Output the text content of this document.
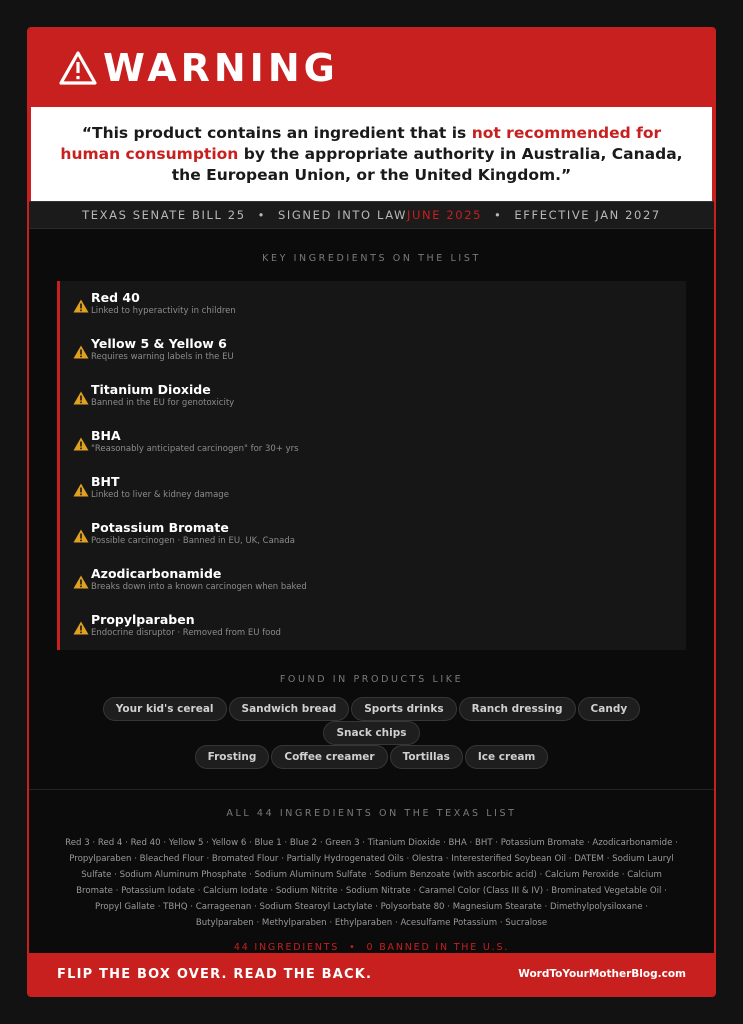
WARNING

“This product contains an ingredient that is not recommended for human consumption by the appropriate authority in Australia, Canada, the European Union, or the United Kingdom.”

TEXAS SENATE BILL 25 • SIGNED INTO LAW JUNE 2025 • EFFECTIVE JAN 2027
KEY INGREDIENTS ON THE LIST
Red 40
Linked to hyperactivity in children
Yellow 5 & Yellow 6
Requires warning labels in the EU
Titanium Dioxide
Banned in the EU for genotoxicity
BHA
"Reasonably anticipated carcinogen" for 30+ yrs
BHT
Linked to liver & kidney damage
Potassium Bromate
Possible carcinogen · Banned in EU, UK, Canada
Azodicarbonamide
Breaks down into a known carcinogen when baked
Propylparaben
Endocrine disruptor · Removed from EU food
FOUND IN PRODUCTS LIKE
Your kid's cereal	Sandwich bread	Sports drinks	Ranch dressing	Candy
Snack chips
Frosting	Coffee creamer	Tortillas	Ice cream
ALL 44 INGREDIENTS ON THE TEXAS LIST

Red 3 · Red 4 · Red 40 · Yellow 5 · Yellow 6 · Blue 1 · Blue 2 · Green 3 · Titanium Dioxide · BHA · BHT · Potassium Bromate · Azodicarbonamide · Propylparaben · Bleached Flour · Bromated Flour · Partially Hydrogenated Oils · Olestra · Interesterified Soybean Oil · DATEM · Sodium Lauryl Sulfate · Sodium Aluminum Phosphate · Sodium Aluminum Sulfate · Sodium Benzoate (with ascorbic acid) · Calcium Peroxide · Calcium Bromate · Potassium Iodate · Calcium Iodate · Sodium Nitrite · Sodium Nitrate · Caramel Color (Class III & IV) · Brominated Vegetable Oil · Propyl Gallate · TBHQ · Carrageenan · Sodium Stearoyl Lactylate · Polysorbate 80 · Magnesium Stearate · Dimethylpolysiloxane · Butylparaben · Methylparaben · Ethylparaben · Acesulfame Potassium · Sucralose

44 INGREDIENTS • 0 BANNED IN THE U.S.
FLIP THE BOX OVER. READ THE BACK.	WordToYourMotherBlog.com
